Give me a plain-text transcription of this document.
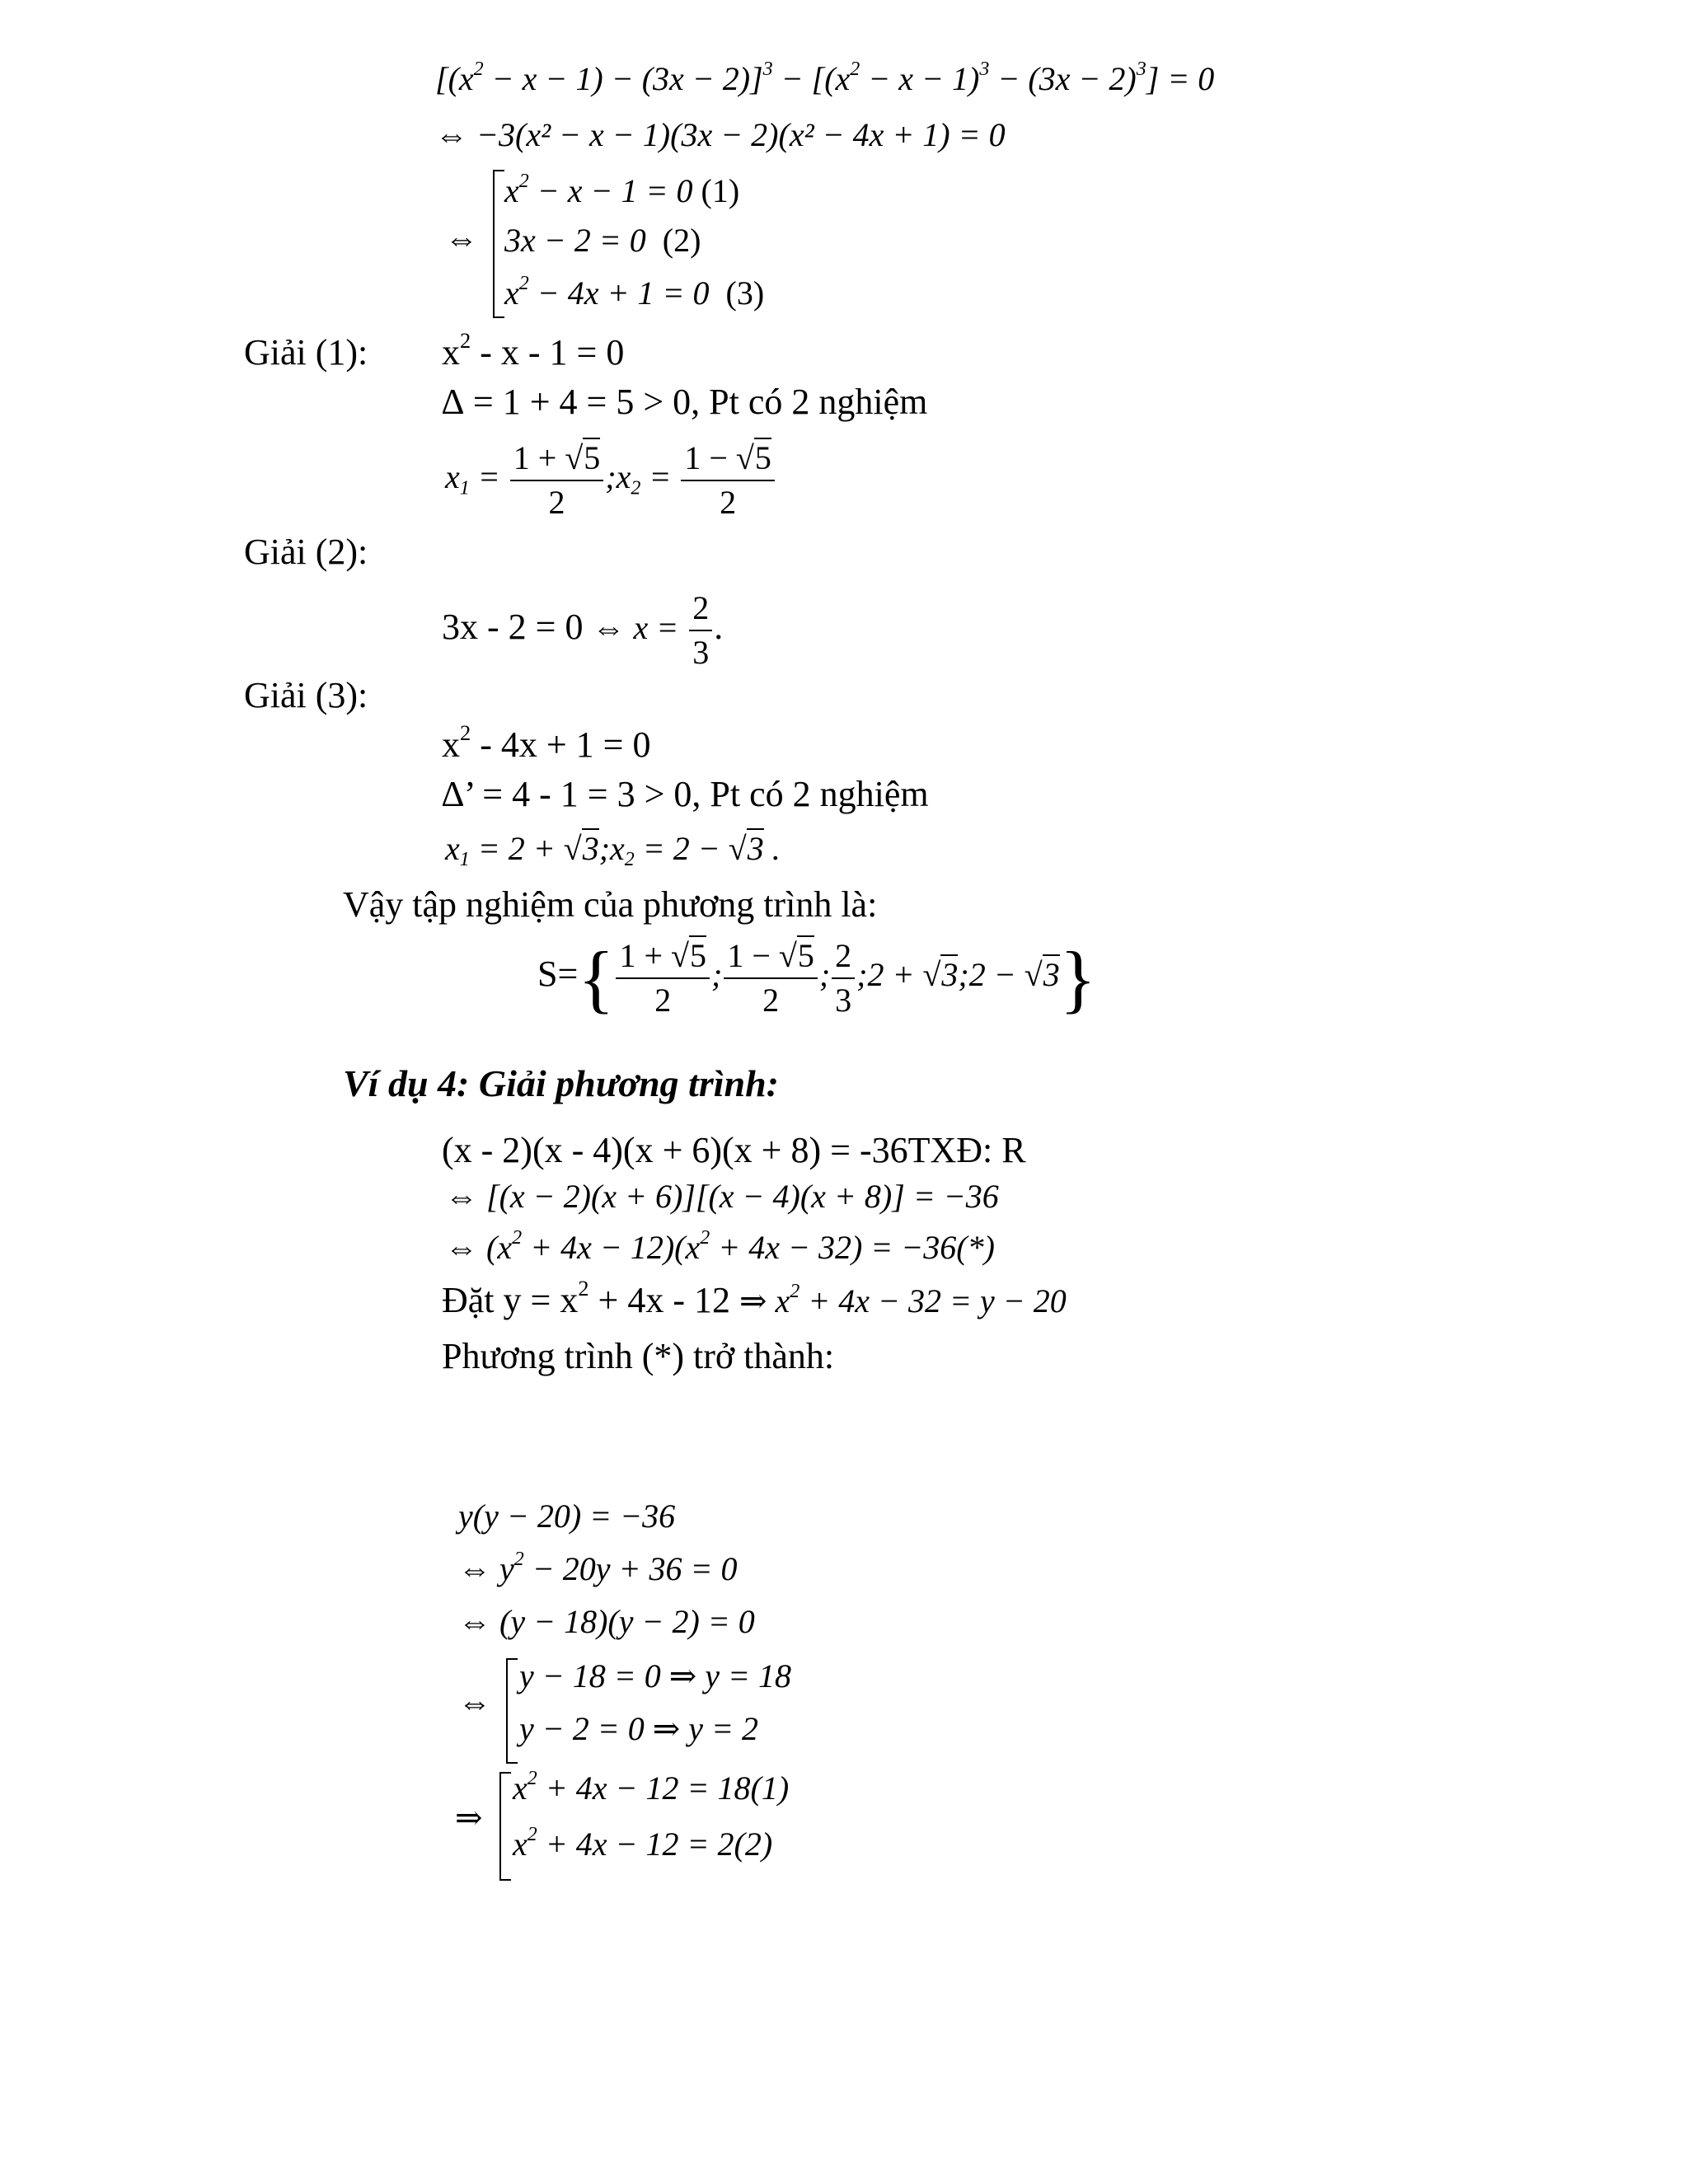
$[(x^2 - x - 1) - (3x - 2)]^3 - [(x^2 - x - 1)^3 - (3x - 2)^3] = 0$
⇔ −3(x² − x − 1)(3x − 2)(x² − 4x + 1) = 0
⇔
$x^2 - x - 1 = 0$ (1)
3x − 2 = 0  (2)
$x^2 - 4x + 1 = 0$  (3)
Giải (1): $x^2 - x - 1 = 0$
∆ = 1 + 4 = 5 > 0, Pt có 2 nghiệm
$x_1 = \frac{1 + √5}{2}$ $;x_2 = \frac{1 - √5}{2}$
Giải (2):
3x - 2 = 0 ⇔ $x = \frac{2}{3}$ .
Giải (3):
$x^2 - 4x + 1 = 0$
∆’ = 4 - 1 = 3 > 0, Pt có 2 nghiệm
$x_1 = 2$ + $√3;x_2 = 2 - √3$ .
Vậy tập nghiệm của phương trình là:
$S=\{ \frac{1 + √5}{2}$ ; $\frac{1 - √5}{2}$ ; $\frac{2}{3}$ ;2 + √3;2 − √3}
Ví dụ 4: Giải phương trình:
(x - 2)(x - 4)(x + 6)(x + 8) = -36TXĐ: R
⇔ [(x − 2)(x + 6)][(x − 4)(x + 8)] = −36
⇔ $(x^2 + 4x - 12)(x^2 + 4x - 32) = -36(*)$
Đặt $y = x^2 + 4x - 12$ ⇒ $x^2 + 4x - 32 = y - 20$
Phương trình (*) trở thành:
y(y − 20) = −36
⇔ $y^2 - 20y + 36 = 0$
⇔ (y − 18)(y − 2) = 0
⇔
y − 18 = 0 ⇒ y = 18
y − 2 = 0 ⇒ y = 2
⇒
$x^2 + 4x - 12 = 18(1)$
$x^2 + 4x - 12 = 2(2)$
